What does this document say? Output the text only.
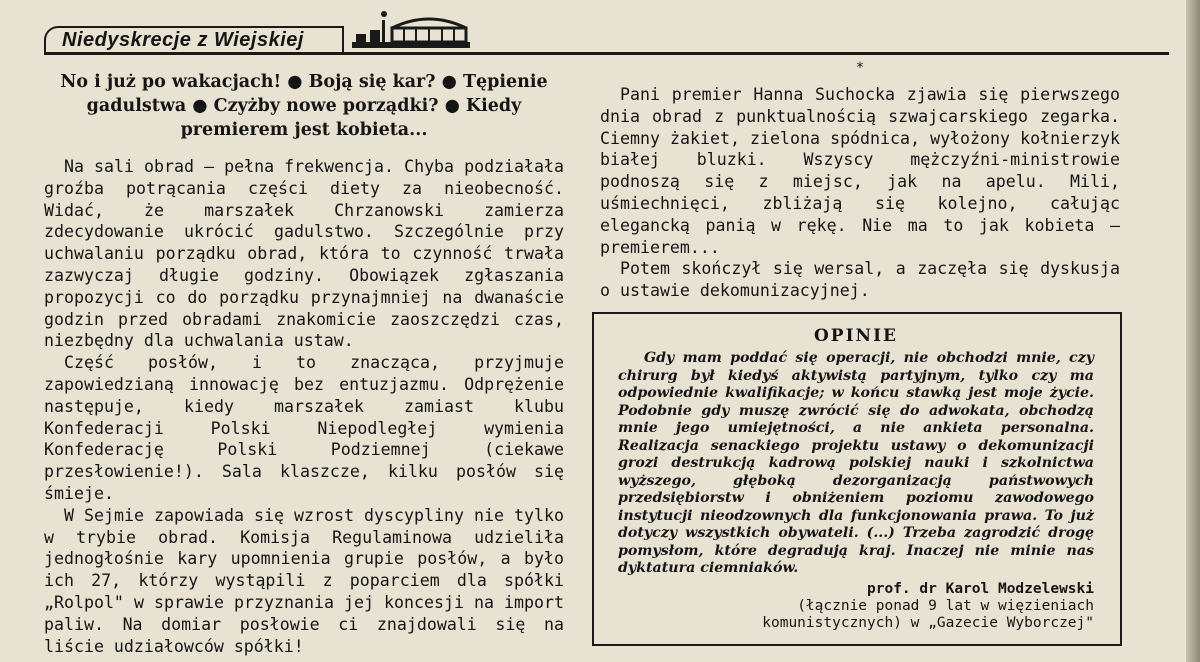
Niedyskrecje z Wiejskiej
No i już po wakacjach! ● Boją się kar? ● Tępienie gadulstwa ● Czyżby nowe porządki? ● Kiedy premierem jest kobieta...

Na sali obrad — pełna frekwencja. Chyba podziałała groźba potrącania części diety za nieobecność. Widać, że marszałek Chrzanowski zamierza zdecydowanie ukrócić gadulstwo. Szczególnie przy uchwalaniu porządku obrad, która to czynność trwała zazwyczaj długie godziny. Obowiązek zgłaszania propozycji co do porządku przynajmniej na dwanaście godzin przed obradami znakomicie zaoszczędzi czas, niezbędny dla uchwalania ustaw.

Część posłów, i to znacząca, przyjmuje zapowiedzianą innowację bez entuzjazmu. Odprężenie następuje, kiedy marszałek zamiast klubu Konfederacji Polski Niepodległej wymienia Konfederację Polski Podziemnej (ciekawe przesłowienie!). Sala klaszcze, kilku posłów się śmieje.

W Sejmie zapowiada się wzrost dyscypliny nie tylko w trybie obrad. Komisja Regulaminowa udzieliła jednogłośnie kary upomnienia grupie posłów, a było ich 27, którzy wystąpili z poparciem dla spółki „Rolpol" w sprawie przyznania jej koncesji na import paliw. Na domiar posłowie ci znajdowali się na liście udziałowców spółki!

*

Pani premier Hanna Suchocka zjawia się pierwszego dnia obrad z punktualnością szwajcarskiego zegarka. Ciemny żakiet, zielona spódnica, wyłożony kołnierzyk białej bluzki. Wszyscy mężczyźni-ministrowie podnoszą się z miejsc, jak na apelu. Mili, uśmiechnięci, zbliżają się kolejno, całując elegancką panią w rękę. Nie ma to jak kobieta — premierem...

Potem skończył się wersal, a zaczęła się dyskusja o ustawie dekomunizacyjnej.

OPINIE

Gdy mam poddać się operacji, nie obchodzi mnie, czy chirurg był kiedyś aktywistą partyjnym, tylko czy ma odpowiednie kwalifikacje; w końcu stawką jest moje życie. Podobnie gdy muszę zwrócić się do adwokata, obchodzą mnie jego umiejętności, a nie ankieta personalna. Realizacja senackiego projektu ustawy o dekomunizacji grozi destrukcją kadrową polskiej nauki i szkolnictwa wyższego, głęboką dezorganizacją państwowych przedsiębiorstw i obniżeniem poziomu zawodowego instytucji nieodzownych dla funkcjonowania prawa. To już dotyczy wszystkich obywateli. (...) Trzeba zagrodzić drogę pomysłom, które degradują kraj. Inaczej nie minie nas dyktatura ciemniaków.

prof. dr Karol Modzelewski

(łącznie ponad 9 lat w więzieniach

komunistycznych) w „Gazecie Wyborczej"
